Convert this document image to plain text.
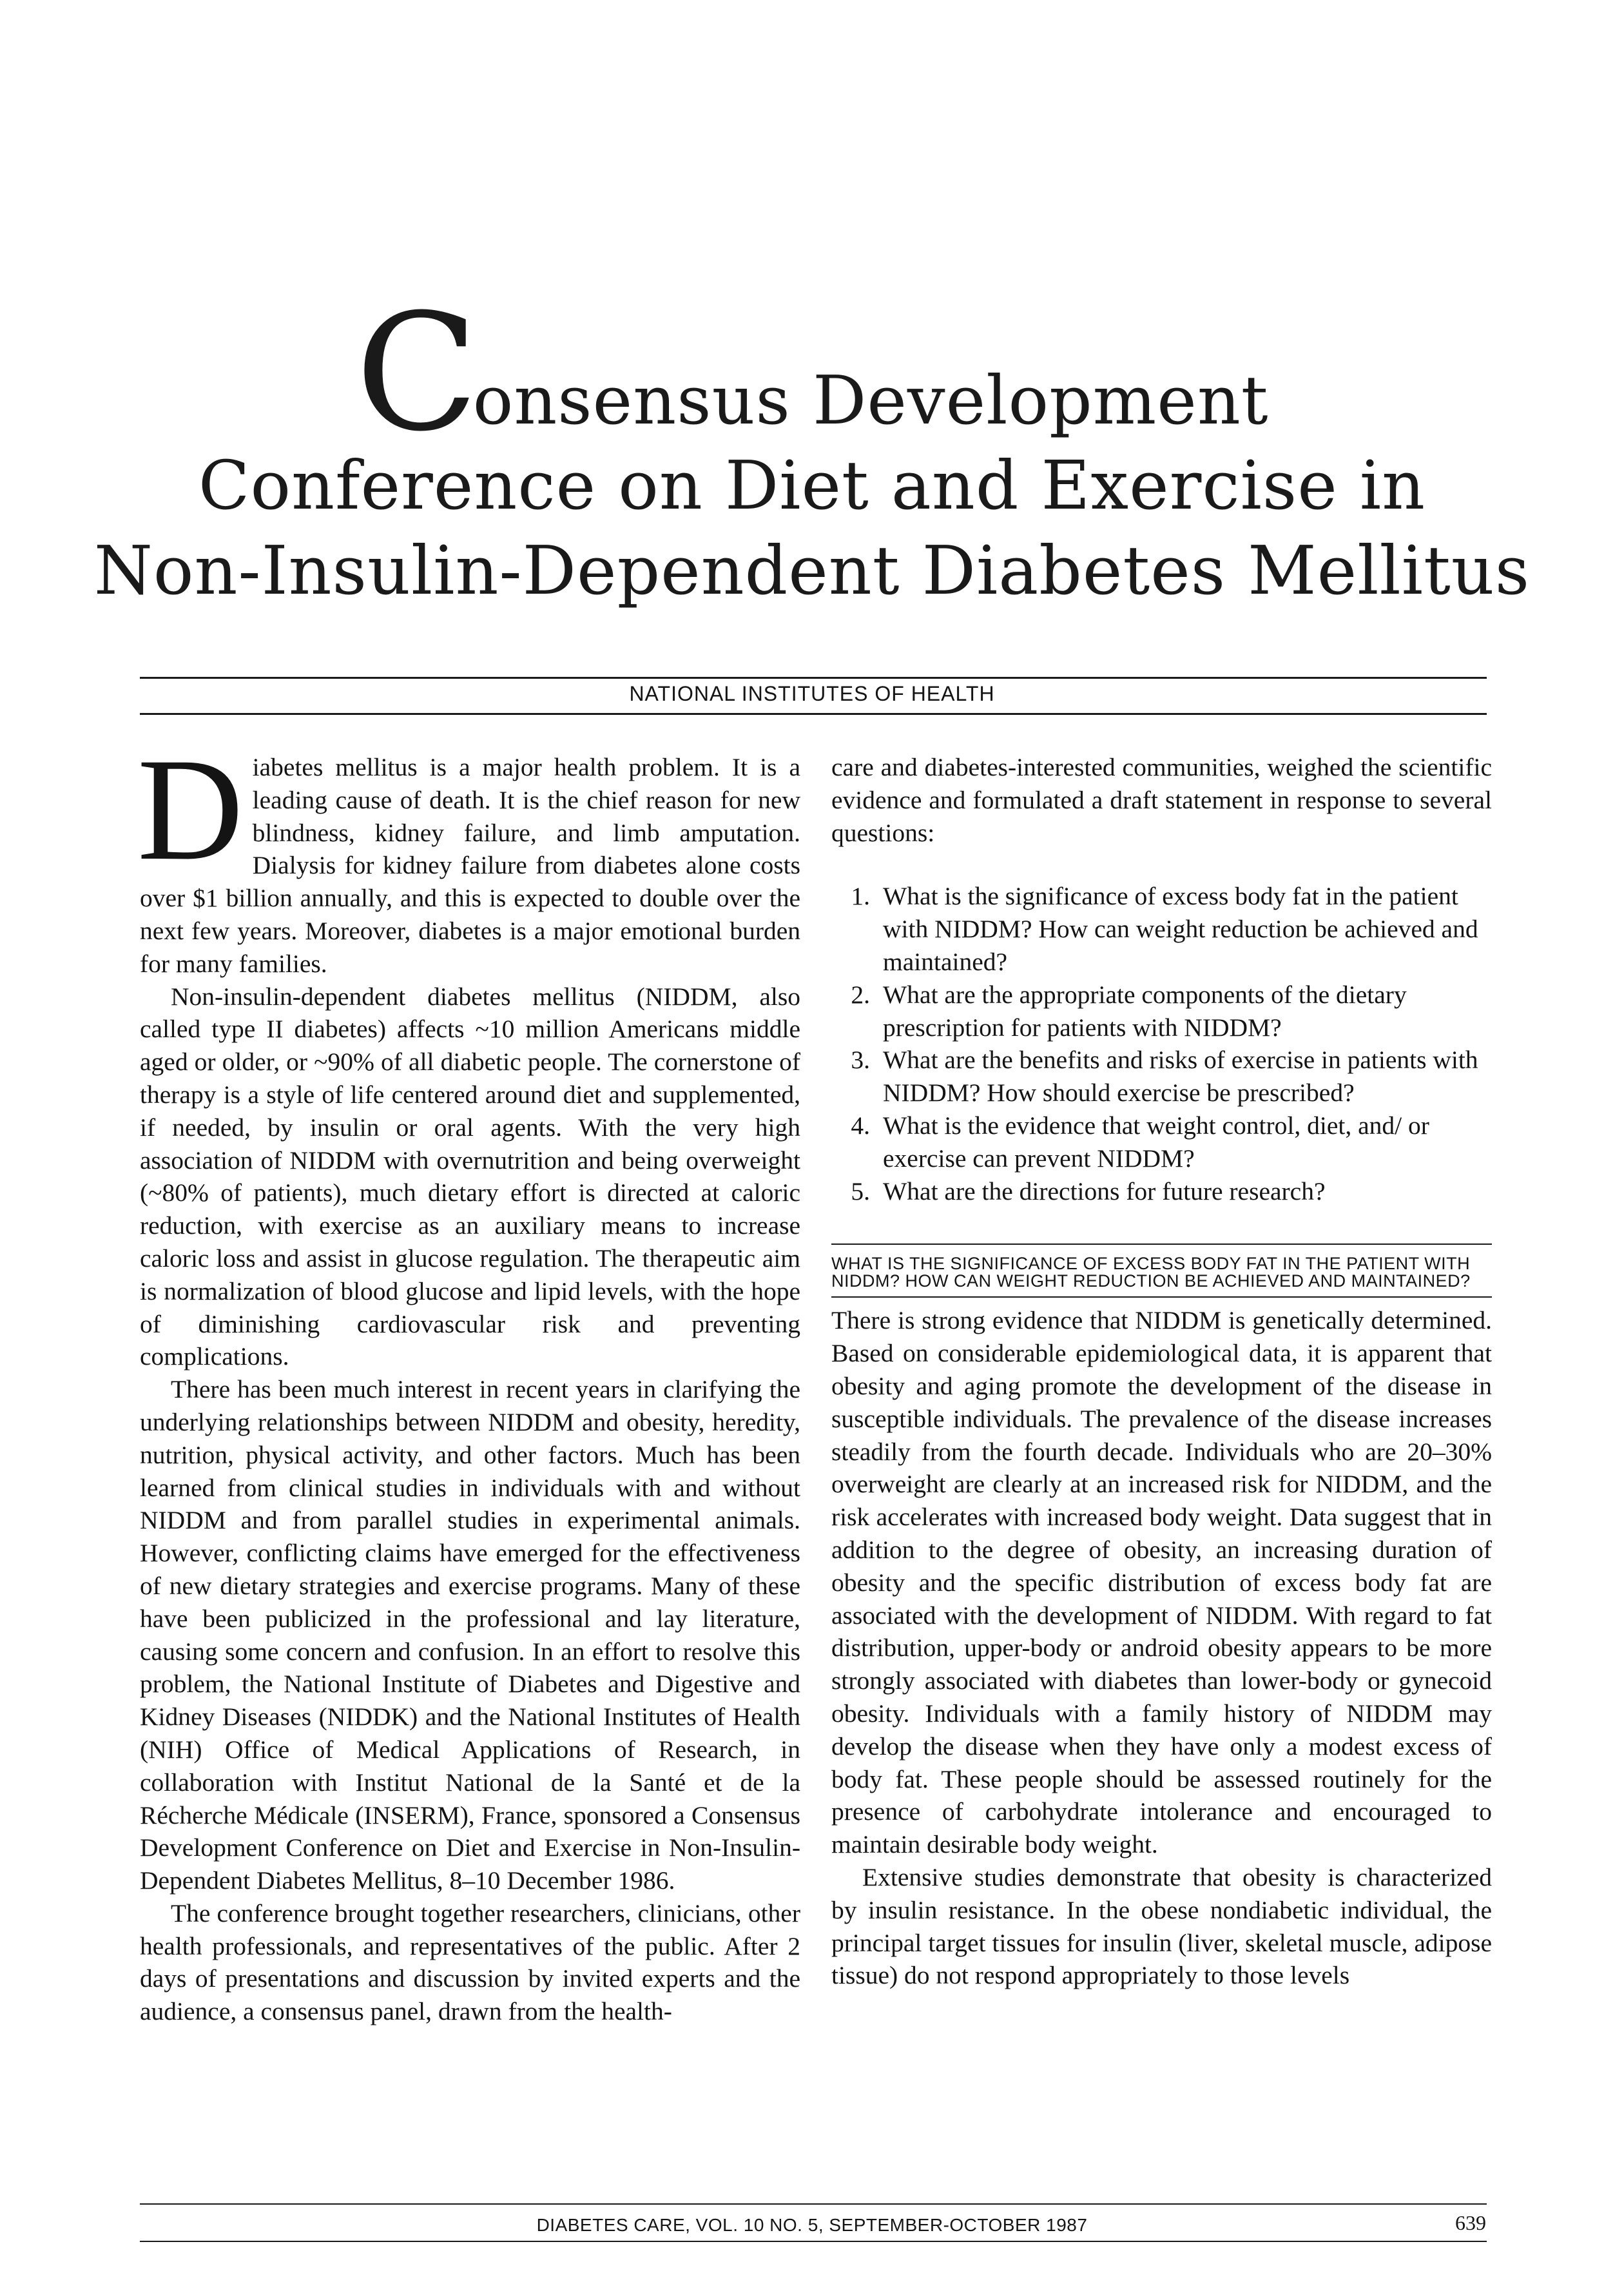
Consensus Development
Conference on Diet and Exercise in
Non-Insulin-Dependent Diabetes Mellitus
NATIONAL INSTITUTES OF HEALTH

Diabetes mellitus is a major health problem. It is a leading cause of death. It is the chief reason for new blindness, kidney failure, and limb amputation. Dialysis for kidney failure from diabetes alone costs over $1 billion annually, and this is expected to double over the next few years. Moreover, diabetes is a major emotional burden for many families.

Non-insulin-dependent diabetes mellitus (NIDDM, also called type II diabetes) affects ~10 million Americans middle aged or older, or ~90% of all diabetic people. The cornerstone of therapy is a style of life centered around diet and supplemented, if needed, by insulin or oral agents. With the very high association of NIDDM with overnutrition and being overweight (~80% of patients), much dietary effort is directed at caloric reduction, with exercise as an auxiliary means to increase caloric loss and assist in glucose regulation. The therapeutic aim is normalization of blood glucose and lipid levels, with the hope of diminishing cardiovascular risk and preventing complications.

There has been much interest in recent years in clarifying the underlying relationships between NIDDM and obesity, heredity, nutrition, physical activity, and other factors. Much has been learned from clinical studies in individuals with and without NIDDM and from parallel studies in experimental animals. However, conflicting claims have emerged for the effectiveness of new dietary strategies and exercise programs. Many of these have been publicized in the professional and lay literature, causing some concern and confusion. In an effort to resolve this problem, the National Institute of Diabetes and Digestive and Kidney Diseases (NIDDK) and the National Institutes of Health (NIH) Office of Medical Applications of Research, in collaboration with Institut National de la Santé et de la Récherche Médicale (INSERM), France, sponsored a Consensus Development Conference on Diet and Exercise in Non-Insulin-Dependent Diabetes Mellitus, 8–10 December 1986.

The conference brought together researchers, clinicians, other health professionals, and representatives of the public. After 2 days of presentations and discussion by invited experts and the audience, a consensus panel, drawn from the health-

care and diabetes-interested communities, weighed the scientific evidence and formulated a draft statement in response to several questions:

1. What is the significance of excess body fat in the patient with NIDDM? How can weight reduction be achieved and maintained?
2. What are the appropriate components of the dietary prescription for patients with NIDDM?
3. What are the benefits and risks of exercise in patients with NIDDM? How should exercise be prescribed?
4. What is the evidence that weight control, diet, and/ or exercise can prevent NIDDM?
5. What are the directions for future research?
WHAT IS THE SIGNIFICANCE OF EXCESS BODY FAT IN THE PATIENT WITH NIDDM? HOW CAN WEIGHT REDUCTION BE ACHIEVED AND MAINTAINED?

There is strong evidence that NIDDM is genetically determined. Based on considerable epidemiological data, it is apparent that obesity and aging promote the development of the disease in susceptible individuals. The prevalence of the disease increases steadily from the fourth decade. Individuals who are 20–30% overweight are clearly at an increased risk for NIDDM, and the risk accelerates with increased body weight. Data suggest that in addition to the degree of obesity, an increasing duration of obesity and the specific distribution of excess body fat are associated with the development of NIDDM. With regard to fat distribution, upper-body or android obesity appears to be more strongly associated with diabetes than lower-body or gynecoid obesity. Individuals with a family history of NIDDM may develop the disease when they have only a modest excess of body fat. These people should be assessed routinely for the presence of carbohydrate intolerance and encouraged to maintain desirable body weight.

Extensive studies demonstrate that obesity is characterized by insulin resistance. In the obese nondiabetic individual, the principal target tissues for insulin (liver, skeletal muscle, adipose tissue) do not respond appropriately to those levels

DIABETES CARE, VOL. 10 NO. 5, SEPTEMBER-OCTOBER 1987	639
